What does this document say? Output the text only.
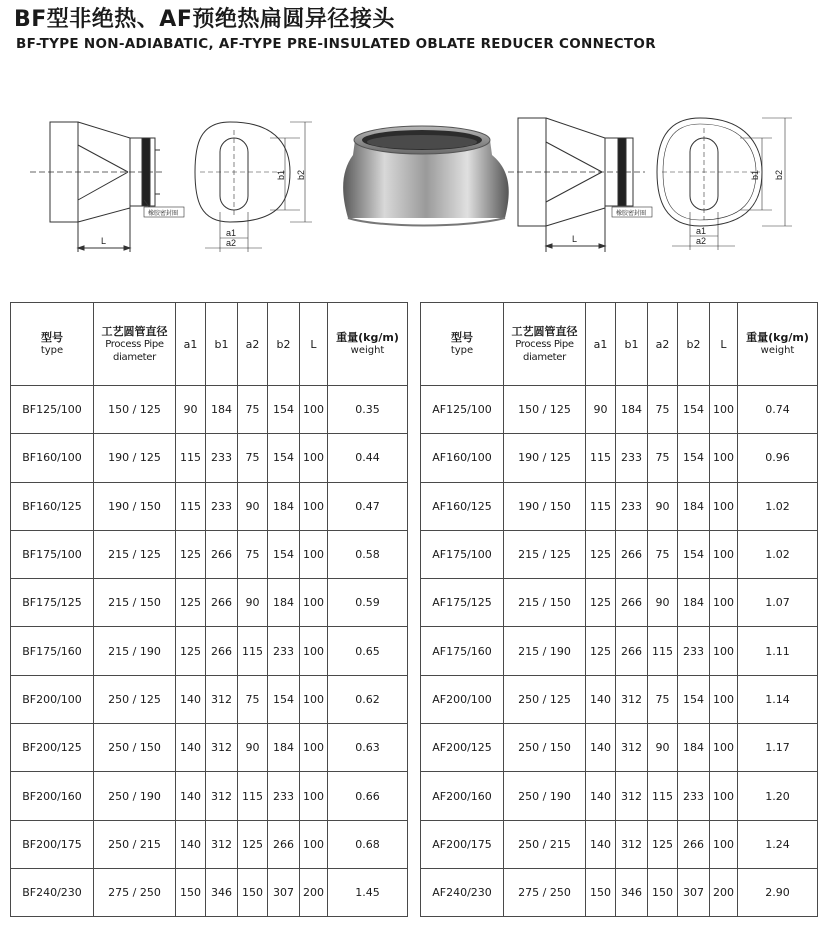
BF型非绝热、AF预绝热扁圆异径接头
BF-TYPE NON-ADIABATIC, AF-TYPE PRE-INSULATED OBLATE REDUCER CONNECTOR
L
橡胶密封圈
b1 b2
a1
a2	L
橡胶密封圈
b1 b2
a1
a2
型号
type	工艺圆管直径
Process Pipe
diameter	a1	b1	a2	b2	L	重量(kg/m)
weight

BF125/100	150 / 125	90	184	75	154	100	0.35
BF160/100	190 / 125	115	233	75	154	100	0.44
BF160/125	190 / 150	115	233	90	184	100	0.47
BF175/100	215 / 125	125	266	75	154	100	0.58
BF175/125	215 / 150	125	266	90	184	100	0.59
BF175/160	215 / 190	125	266	115	233	100	0.65
BF200/100	250 / 125	140	312	75	154	100	0.62
BF200/125	250 / 150	140	312	90	184	100	0.63
BF200/160	250 / 190	140	312	115	233	100	0.66
BF200/175	250 / 215	140	312	125	266	100	0.68
BF240/230	275 / 250	150	346	150	307	200	1.45
型号
type	工艺圆管直径
Process Pipe
diameter	a1	b1	a2	b2	L	重量(kg/m)
weight

AF125/100	150 / 125	90	184	75	154	100	0.74
AF160/100	190 / 125	115	233	75	154	100	0.96
AF160/125	190 / 150	115	233	90	184	100	1.02
AF175/100	215 / 125	125	266	75	154	100	1.02
AF175/125	215 / 150	125	266	90	184	100	1.07
AF175/160	215 / 190	125	266	115	233	100	1.11
AF200/100	250 / 125	140	312	75	154	100	1.14
AF200/125	250 / 150	140	312	90	184	100	1.17
AF200/160	250 / 190	140	312	115	233	100	1.20
AF200/175	250 / 215	140	312	125	266	100	1.24
AF240/230	275 / 250	150	346	150	307	200	2.90
